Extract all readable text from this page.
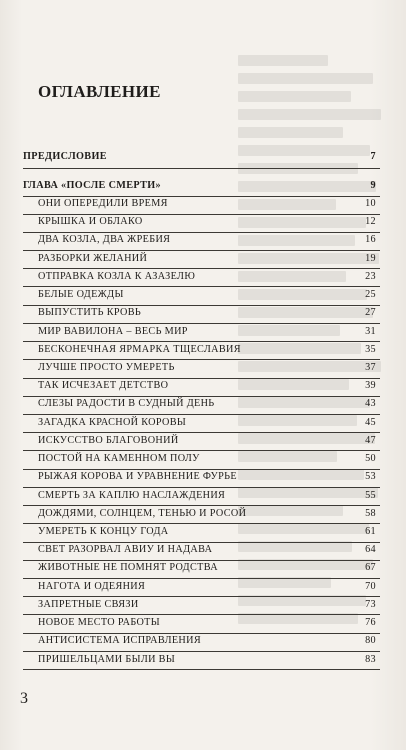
ОГЛАВЛЕНИЕ
ПРЕДИСЛОВИЕ	7
ГЛАВА «ПОСЛЕ СМЕРТИ»	9
ОНИ ОПЕРЕДИЛИ ВРЕМЯ	10
КРЫШКА И ОБЛАКО	12
ДВА КОЗЛА, ДВА ЖРЕБИЯ	16
РАЗБОРКИ ЖЕЛАНИЙ	19
ОТПРАВКА КОЗЛА К АЗАЗЕЛЮ	23
БЕЛЫЕ ОДЕЖДЫ	25
ВЫПУСТИТЬ КРОВЬ	27
МИР ВАВИЛОНА – ВЕСЬ МИР	31
БЕСКОНЕЧНАЯ ЯРМАРКА ТЩЕСЛАВИЯ	35
ЛУЧШЕ ПРОСТО УМЕРЕТЬ	37
ТАК ИСЧЕЗАЕТ ДЕТСТВО	39
СЛЕЗЫ РАДОСТИ В СУДНЫЙ ДЕНЬ	43
ЗАГАДКА КРАСНОЙ КОРОВЫ	45
ИСКУССТВО БЛАГОВОНИЙ	47
ПОСТОЙ НА КАМЕННОМ ПОЛУ	50
РЫЖАЯ КОРОВА И УРАВНЕНИЕ ФУРЬЕ	53
СМЕРТЬ ЗА КАПЛЮ НАСЛАЖДЕНИЯ	55
ДОЖДЯМИ, СОЛНЦЕМ, ТЕНЬЮ И РОСОЙ	58
УМЕРЕТЬ К КОНЦУ ГОДА	61
СВЕТ РАЗОРВАЛ АВИУ И НАДАВА	64
ЖИВОТНЫЕ НЕ ПОМНЯТ РОДСТВА	67
НАГОТА И ОДЕЯНИЯ	70
ЗАПРЕТНЫЕ СВЯЗИ	73
НОВОЕ МЕСТО РАБОТЫ	76
АНТИСИСТЕМА ИСПРАВЛЕНИЯ	80
ПРИШЕЛЬЦАМИ БЫЛИ ВЫ	83
3
